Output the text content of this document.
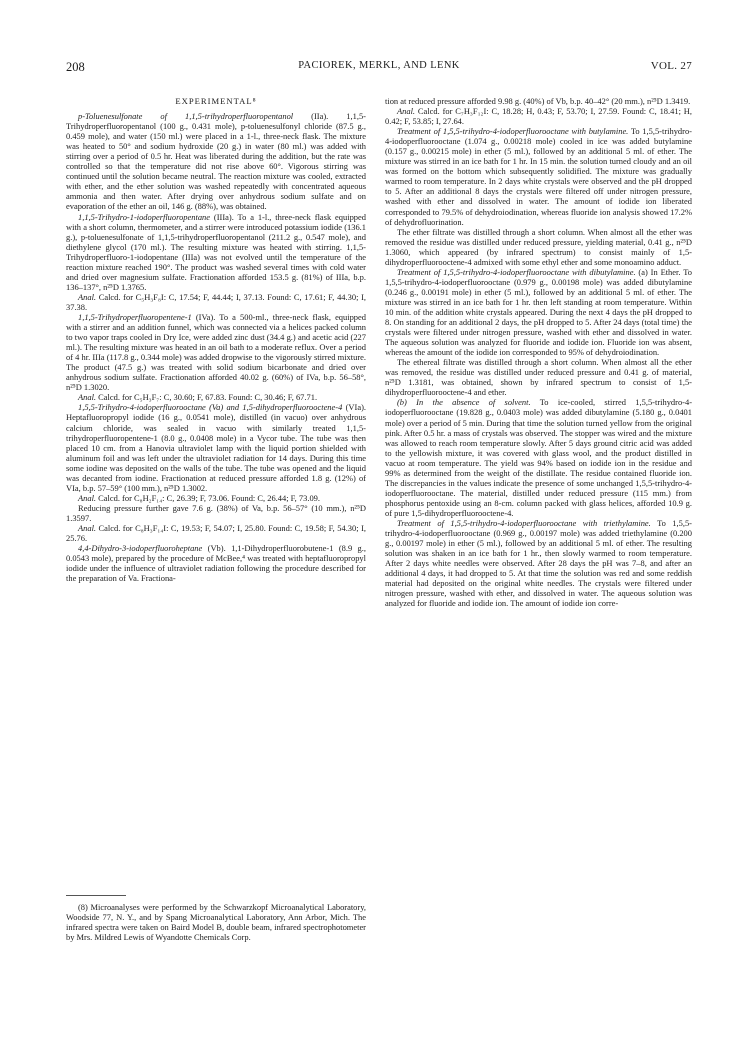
208	PACIOREK, MERKL, AND LENK	VOL. 27
EXPERIMENTAL⁸

p-Toluenesulfonate of 1,1,5-trihydroperfluoropentanol (IIa). 1,1,5-Trihydroperfluoropentanol (100 g., 0.431 mole), p-toluenesulfonyl chloride (87.5 g., 0.459 mole), and water (150 ml.) were placed in a 1-l., three-neck flask. The mixture was heated to 50° and sodium hydroxide (20 g.) in water (80 ml.) was added with stirring over a period of 0.5 hr. Heat was liberated during the addition, but the rate was controlled so that the temperature did not rise above 60°. Vigorous stirring was continued until the solution became neutral. The reaction mixture was cooled, extracted with ether, and the ether solution was washed repeatedly with concentrated aqueous ammonia and then water. After drying over anhydrous sodium sulfate and on evaporation of the ether an oil, 146 g. (88%), was obtained.

1,1,5-Trihydro-1-iodoperfluoropentane (IIIa). To a 1-l., three-neck flask equipped with a short column, thermometer, and a stirrer were introduced potassium iodide (136.1 g.), p-toluenesulfonate of 1,1,5-trihydroperfluoropentanol (211.2 g., 0.547 mole), and diethylene glycol (170 ml.). The resulting mixture was heated with stirring. 1,1,5-Trihydroperfluoro-1-iodopentane (IIIa) was not evolved until the temperature of the reaction mixture reached 190°. The product was washed several times with cold water and dried over magnesium sulfate. Fractionation afforded 153.5 g. (81%) of IIIa, b.p. 136–137°, n²⁵D 1.3765.

Anal. Calcd. for C₅H₃F₈I: C, 17.54; F, 44.44; I, 37.13. Found: C, 17.61; F, 44.30; I, 37.38.

1,1,5-Trihydroperfluoropentene-1 (IVa). To a 500-ml., three-neck flask, equipped with a stirrer and an addition funnel, which was connected via a helices packed column to two vapor traps cooled in Dry Ice, were added zinc dust (34.4 g.) and acetic acid (227 ml.). The resulting mixture was heated in an oil bath to a moderate reflux. Over a period of 4 hr. IIIa (117.8 g., 0.344 mole) was added dropwise to the vigorously stirred mixture. The product (47.5 g.) was treated with solid sodium bicarbonate and dried over anhydrous sodium sulfate. Fractionation afforded 40.02 g. (60%) of IVa, b.p. 56–58°, n²⁵D 1.3020.

Anal. Calcd. for C₅H₃F₇: C, 30.60; F, 67.83. Found: C, 30.46; F, 67.71.

1,5,5-Trihydro-4-iodoperfluorooctane (Va) and 1,5-dihydroperfluorooctene-4 (VIa). Heptafluoropropyl iodide (16 g., 0.0541 mole), distilled (in vacuo) over anhydrous calcium chloride, was sealed in vacuo with similarly treated 1,1,5-trihydroperfluoropentene-1 (8.0 g., 0.0408 mole) in a Vycor tube. The tube was then placed 10 cm. from a Hanovia ultraviolet lamp with the liquid portion shielded with aluminum foil and was left under the ultraviolet radiation for 14 days. During this time some iodine was deposited on the walls of the tube. The tube was opened and the liquid was decanted from iodine. Fractionation at reduced pressure afforded 1.8 g. (12%) of VIa, b.p. 57–59° (100 mm.), n²⁵D 1.3002.

Anal. Calcd. for C₈H₂F₁₄: C, 26.39; F, 73.06. Found: C, 26.44; F, 73.09.

Reducing pressure further gave 7.6 g. (38%) of Va, b.p. 56–57° (10 mm.), n²⁵D 1.3597.

Anal. Calcd. for C₈H₃F₁₄I: C, 19.53; F, 54.07; I, 25.80. Found: C, 19.58; F, 54.30; I, 25.76.

4,4-Dihydro-3-iodoperfluoroheptane (Vb). 1,1-Dihydroperfluorobutene-1 (8.9 g., 0.0543 mole), prepared by the procedure of McBee,⁴ was treated with heptafluoropropyl iodide under the influence of ultraviolet radiation following the procedure described for the preparation of Va. Fractiona-

(8) Microanalyses were performed by the Schwarzkopf Microanalytical Laboratory, Woodside 77, N. Y., and by Spang Microanalytical Laboratory, Ann Arbor, Mich. The infrared spectra were taken on Baird Model B, double beam, infrared spectrophotometer by Mrs. Mildred Lewis of Wyandotte Chemicals Corp.

tion at reduced pressure afforded 9.98 g. (40%) of Vb, b.p. 40–42° (20 mm.), n²⁵D 1.3419.

Anal. Calcd. for C₇H₃F₁₂I: C, 18.28; H, 0.43; F, 53.70; I, 27.59. Found: C, 18.41; H, 0.42; F, 53.85; I, 27.64.

Treatment of 1,5,5-trihydro-4-iodoperfluorooctane with butylamine. To 1,5,5-trihydro-4-iodoperfluorooctane (1.074 g., 0.00218 mole) cooled in ice was added butylamine (0.157 g., 0.00215 mole) in ether (5 ml.), followed by an additional 5 ml. of ether. The mixture was stirred in an ice bath for 1 hr. In 15 min. the solution turned cloudy and an oil was formed on the bottom which subsequently solidified. The mixture was gradually warmed to room temperature. In 2 days white crystals were observed and the pH dropped to 5. After an additional 8 days the crystals were filtered off under nitrogen pressure, washed with ether and dissolved in water. The amount of iodide ion liberated corresponded to 79.5% of dehydroiodination, whereas fluoride ion analysis showed 17.2% of dehydrofluorination.

The ether filtrate was distilled through a short column. When almost all the ether was removed the residue was distilled under reduced pressure, yielding material, 0.41 g., n²⁵D 1.3060, which appeared (by infrared spectrum) to consist mainly of 1,5-dihydroperfluorooctene-4 admixed with some ethyl ether and some monoamino adduct.

Treatment of 1,5,5-trihydro-4-iodoperfluorooctane with dibutylamine. (a) In Ether. To 1,5,5-trihydro-4-iodoperfluorooctane (0.979 g., 0.00198 mole) was added dibutylamine (0.246 g., 0.00191 mole) in ether (5 ml.), followed by an additional 5 ml. of ether. The mixture was stirred in an ice bath for 1 hr. then left standing at room temperature. Within 10 min. of the addition white crystals appeared. During the next 4 days the pH dropped to 8. On standing for an additional 2 days, the pH dropped to 5. After 24 days (total time) the crystals were filtered under nitrogen pressure, washed with ether and dissolved in water. The aqueous solution was analyzed for fluoride and iodide ion. Fluoride ion was absent, whereas the amount of the iodide ion corresponded to 95% of dehydroiodination.

The ethereal filtrate was distilled through a short column. When almost all the ether was removed, the residue was distilled under reduced pressure and 0.41 g. of material, n²⁵D 1.3181, was obtained, shown by infrared spectrum to consist of 1,5-dihydroperfluorooctene-4 and ether.

(b) In the absence of solvent. To ice-cooled, stirred 1,5,5-trihydro-4-iodoperfluorooctane (19.828 g., 0.0403 mole) was added dibutylamine (5.180 g., 0.0401 mole) over a period of 5 min. During that time the solution turned yellow from the original pink. After 0.5 hr. a mass of crystals was observed. The stopper was wired and the mixture was allowed to reach room temperature slowly. After 5 days ground citric acid was added to the yellowish mixture, it was covered with glass wool, and the product distilled in vacuo at room temperature. The yield was 94% based on iodide ion in the residue and 99% as determined from the weight of the distillate. The residue contained fluoride ion. The discrepancies in the values indicate the presence of some unchanged 1,5,5-trihydro-4-iodoperfluorooctane. The material, distilled under reduced pressure (115 mm.) from phosphorus pentoxide using an 8-cm. column packed with glass helices, afforded 10.9 g. of pure 1,5-dihydroperfluorooctene-4.

Treatment of 1,5,5-trihydro-4-iodoperfluorooctane with triethylamine. To 1,5,5-trihydro-4-iodoperfluorooctane (0.969 g., 0.00197 mole) was added triethylamine (0.200 g., 0.00197 mole) in ether (5 ml.), followed by an additional 5 ml. of ether. The resulting solution was shaken in an ice bath for 1 hr., then slowly warmed to room temperature. After 2 days white needles were observed. After 28 days the pH was 7–8, and after an additional 4 days, it had dropped to 5. At that time the solution was red and some reddish material had deposited on the original white needles. The crystals were filtered under nitrogen pressure, washed with ether, and dissolved in water. The aqueous solution was analyzed for fluoride and iodide ion. The amount of iodide ion corre-
